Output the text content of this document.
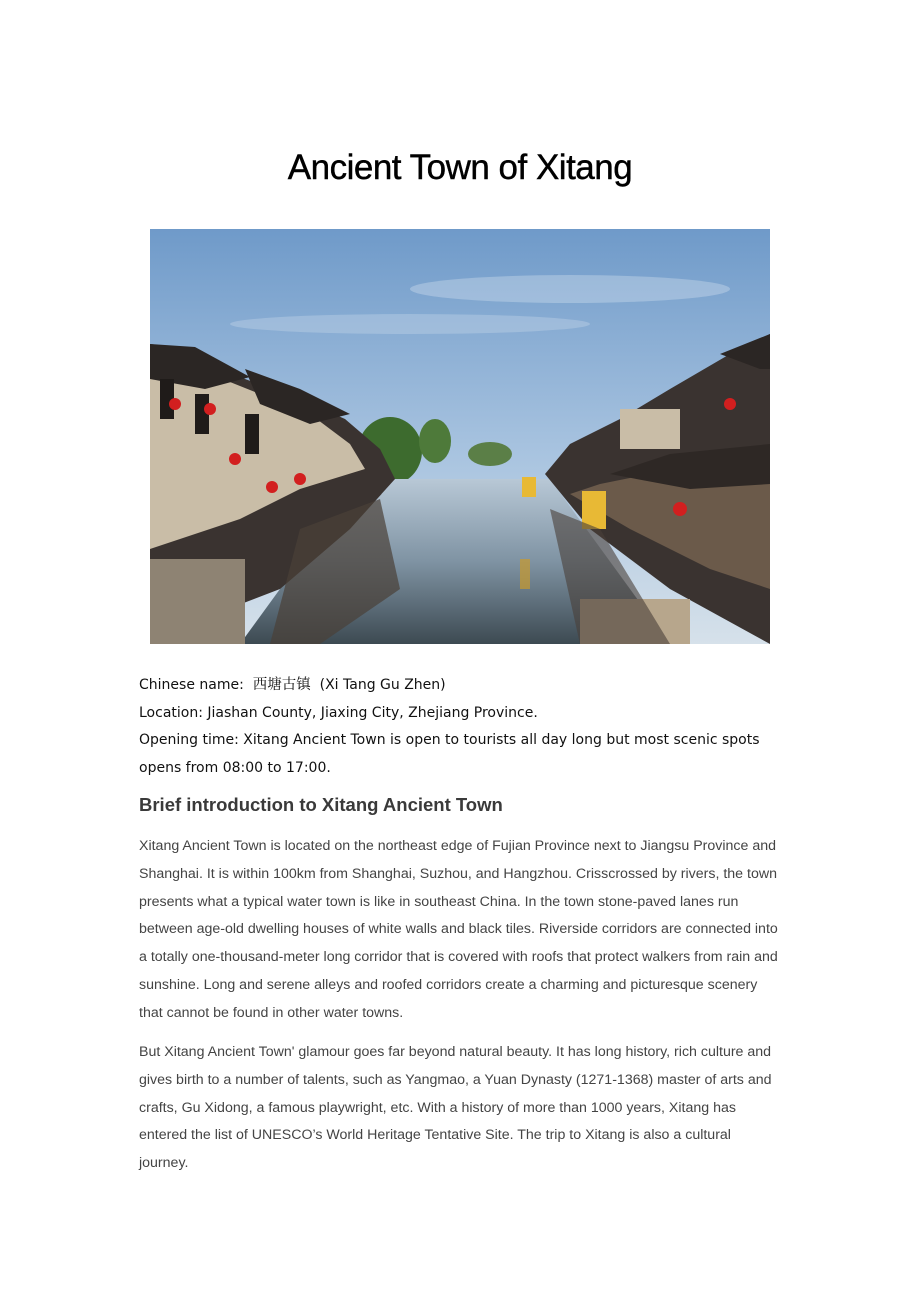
Ancient Town of Xitang

Chinese name: 西塘古镇 (Xi Tang Gu Zhen)

Location: Jiashan County, Jiaxing City, Zhejiang Province.

Opening time: Xitang Ancient Town is open to tourists all day long but most scenic spots opens from 08:00 to 17:00.

Brief introduction to Xitang Ancient Town

Xitang Ancient Town is located on the northeast edge of Fujian Province next to Jiangsu Province and Shanghai. It is within 100km from Shanghai, Suzhou, and Hangzhou. Crisscrossed by rivers, the town presents what a typical water town is like in southeast China. In the town stone-paved lanes run between age-old dwelling houses of white walls and black tiles. Riverside corridors are connected into a totally one-thousand-meter long corridor that is covered with roofs that protect walkers from rain and sunshine. Long and serene alleys and roofed corridors create a charming and picturesque scenery that cannot be found in other water towns.

But Xitang Ancient Town' glamour goes far beyond natural beauty. It has long history, rich culture and gives birth to a number of talents, such as Yangmao, a Yuan Dynasty (1271-1368) master of arts and crafts, Gu Xidong, a famous playwright, etc. With a history of more than 1000 years, Xitang has entered the list of UNESCO’s World Heritage Tentative Site. The trip to Xitang is also a cultural journey.
